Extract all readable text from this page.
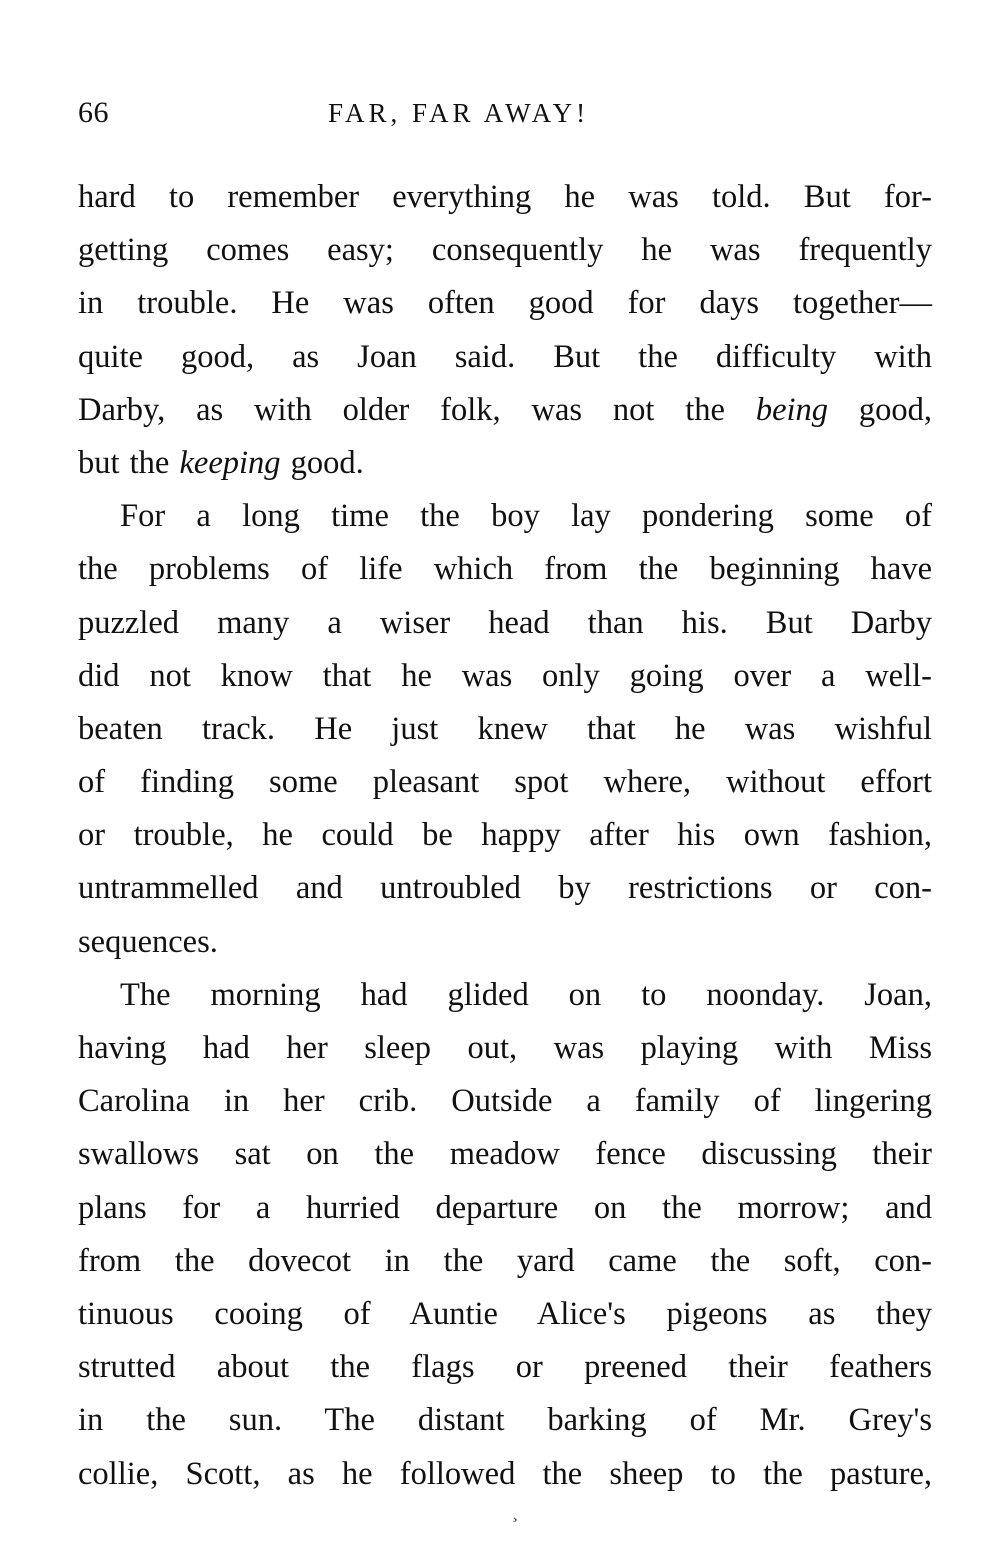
66	FAR, FAR AWAY!
hard to remember everything he was told. But for-
getting comes easy; consequently he was frequently
in trouble. He was often good for days together—
quite good, as Joan said. But the difficulty with
Darby, as with older folk, was not the being good,
but the keeping good.
For a long time the boy lay pondering some of
the problems of life which from the beginning have
puzzled many a wiser head than his. But Darby
did not know that he was only going over a well-
beaten track. He just knew that he was wishful
of finding some pleasant spot where, without effort
or trouble, he could be happy after his own fashion,
untrammelled and untroubled by restrictions or con-
sequences.
The morning had glided on to noonday. Joan,
having had her sleep out, was playing with Miss
Carolina in her crib. Outside a family of lingering
swallows sat on the meadow fence discussing their
plans for a hurried departure on the morrow; and
from the dovecot in the yard came the soft, con-
tinuous cooing of Auntie Alice's pigeons as they
strutted about the flags or preened their feathers
in the sun. The distant barking of Mr. Grey's
collie, Scott, as he followed the sheep to the pasture,
¸
